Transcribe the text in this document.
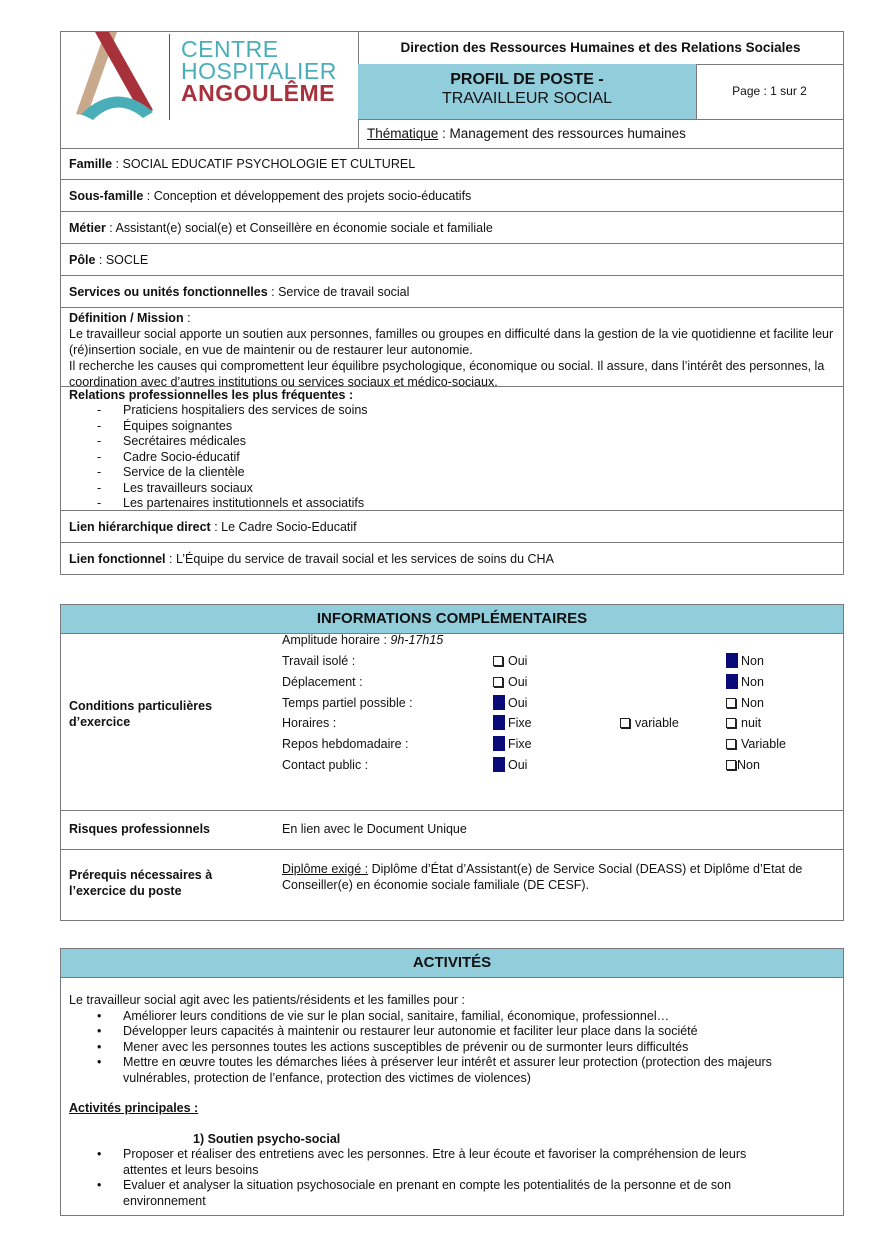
CENTRE
HOSPITALIER
ANGOULÊME
Direction des Ressources Humaines et des Relations Sociales
PROFIL DE POSTE -
TRAVAILLEUR SOCIAL	Page : 1 sur 2
Thématique : Management des ressources humaines
Famille : SOCIAL EDUCATIF PSYCHOLOGIE ET CULTUREL
Sous-famille : Conception et développement des projets socio-éducatifs
Métier : Assistant(e) social(e) et Conseillère en économie sociale et familiale
Pôle : SOCLE
Services ou unités fonctionnelles : Service de travail social

Définition / Mission :

Le travailleur social apporte un soutien aux personnes, familles ou groupes en difficulté dans la gestion de la vie quotidienne et facilite leur (ré)insertion sociale, en vue de maintenir ou de restaurer leur autonomie.

Il recherche les causes qui compromettent leur équilibre psychologique, économique ou social. Il assure, dans l’intérêt des personnes, la coordination avec d’autres institutions ou services sociaux et médico-sociaux.

Relations professionnelles les plus fréquentes :

- Praticiens hospitaliers des services de soins
- Équipes soignantes
- Secrétaires médicales
- Cadre Socio-éducatif
- Service de la clientèle
- Les travailleurs sociaux
- Les partenaires institutionnels et associatifs
Lien hiérarchique direct : Le Cadre Socio-Educatif
Lien fonctionnel : L’Équipe du service de travail social et les services de soins du CHA
INFORMATIONS COMPLÉMENTAIRES
Conditions particulières d’exercice
Amplitude horaire : 9h-17h15
Travail isolé :	Oui	Non
Déplacement :	Oui	Non
Temps partiel possible :	Oui	Non
Horaires :	Fixe	variable	nuit
Repos hebdomadaire :	Fixe	Variable
Contact public :	Oui	Non
Risques professionnels	En lien avec le Document Unique
Prérequis nécessaires à l’exercice du poste
Diplôme exigé : Diplôme d’État d’Assistant(e) de Service Social (DEASS) et Diplôme d’Etat de Conseiller(e) en économie sociale familiale (DE CESF).
ACTIVITÉS

Le travailleur social agit avec les patients/résidents et les familles pour :

• Améliorer leurs conditions de vie sur le plan social, sanitaire, familial, économique, professionnel…
• Développer leurs capacités à maintenir ou restaurer leur autonomie et faciliter leur place dans la société
• Mener avec les personnes toutes les actions susceptibles de prévenir ou de surmonter leurs difficultés
• Mettre en œuvre toutes les démarches liées à préserver leur intérêt et assurer leur protection (protection des majeurs vulnérables, protection de l’enfance, protection des victimes de violences)

Activités principales :

1) Soutien psycho-social

• Proposer et réaliser des entretiens avec les personnes. Etre à leur écoute et favoriser la compréhension de leurs attentes et leurs besoins
• Evaluer et analyser la situation psychosociale en prenant en compte les potentialités de la personne et de son environnement
